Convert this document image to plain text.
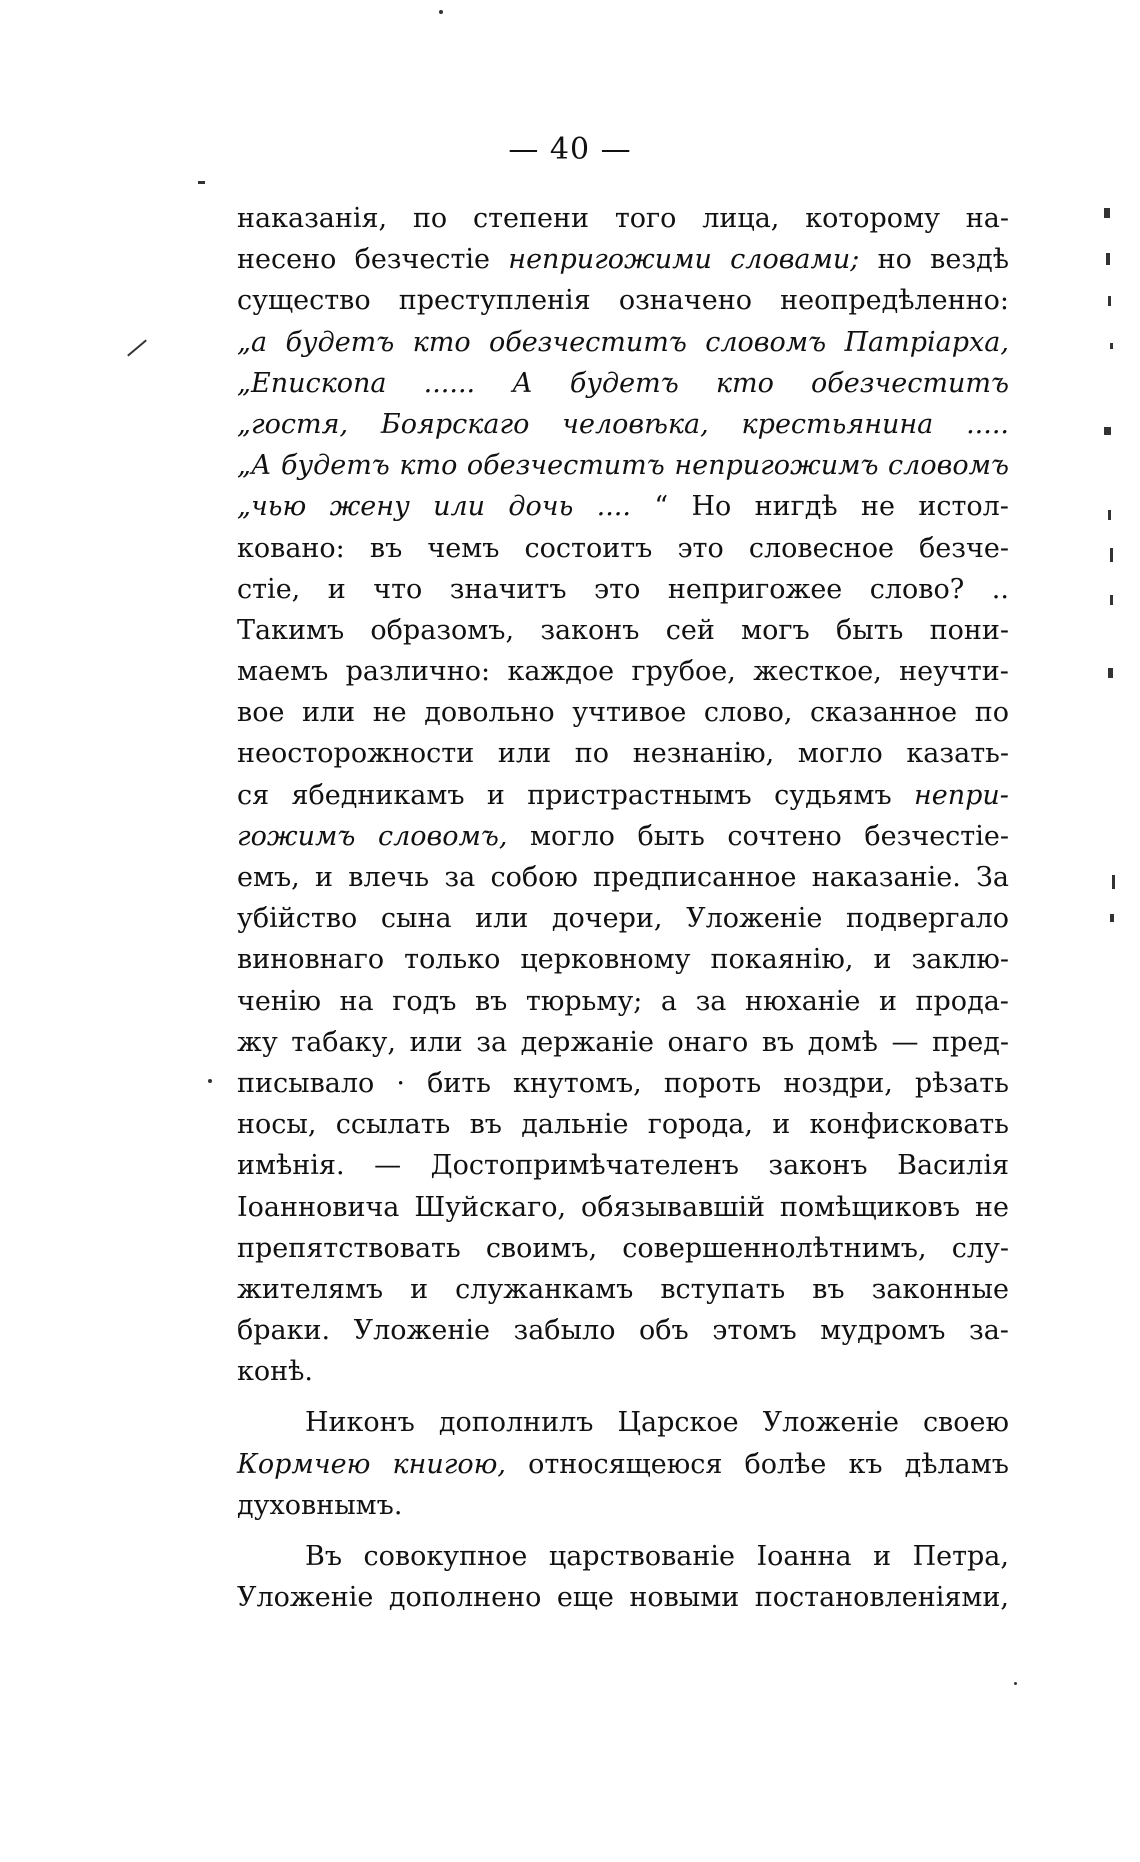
— 40 —
наказанія, по степени того лица, которому на-
несено безчестіе непригожими словами; но вездѣ
существо преступленія означено неопредѣленно:
„а будетъ кто обезчеститъ словомъ Патріарха,
„Епископа ...... А будетъ кто обезчеститъ
„гостя, Боярскаго человѣка, крестьянина .....
„А будетъ кто обезчеститъ непригожимъ словомъ
„чью жену или дочь .... “ Но нигдѣ не истол-
ковано: въ чемъ состоитъ это словесное безче-
стіе, и что значитъ это непригожее слово? ..
Такимъ образомъ, законъ сей могъ быть пони-
маемъ различно: каждое грубое, жесткое, неучти-
вое или не довольно учтивое слово, сказанное по
неосторожности или по незнанію, могло казать-
ся ябедникамъ и пристрастнымъ судьямъ непри-
гожимъ словомъ, могло быть сочтено безчестіе-
емъ, и влечь за собою предписанное наказаніе. За
убійство сына или дочери, Уложеніе подвергало
виновнаго только церковному покаянію, и заклю-
ченію на годъ въ тюрьму; а за нюханіе и прода-
жу табаку, или за держаніе онаго въ домѣ — пред-
писывало · бить кнутомъ, пороть ноздри, рѣзать
носы, ссылать въ дальніе города, и конфисковать
имѣнія. — Достопримѣчателенъ законъ Василія
Іоанновича Шуйскаго, обязывавшій помѣщиковъ не
препятствовать своимъ, совершеннолѣтнимъ, слу-
жителямъ и служанкамъ вступать въ законные
браки. Уложеніе забыло объ этомъ мудромъ за-
конѣ.
Никонъ дополнилъ Царское Уложеніе своею
Кормчею книгою, относящеюся болѣе къ дѣламъ
духовнымъ.
Въ совокупное царствованіе Іоанна и Петра,
Уложеніе дополнено еще новыми постановленіями,
